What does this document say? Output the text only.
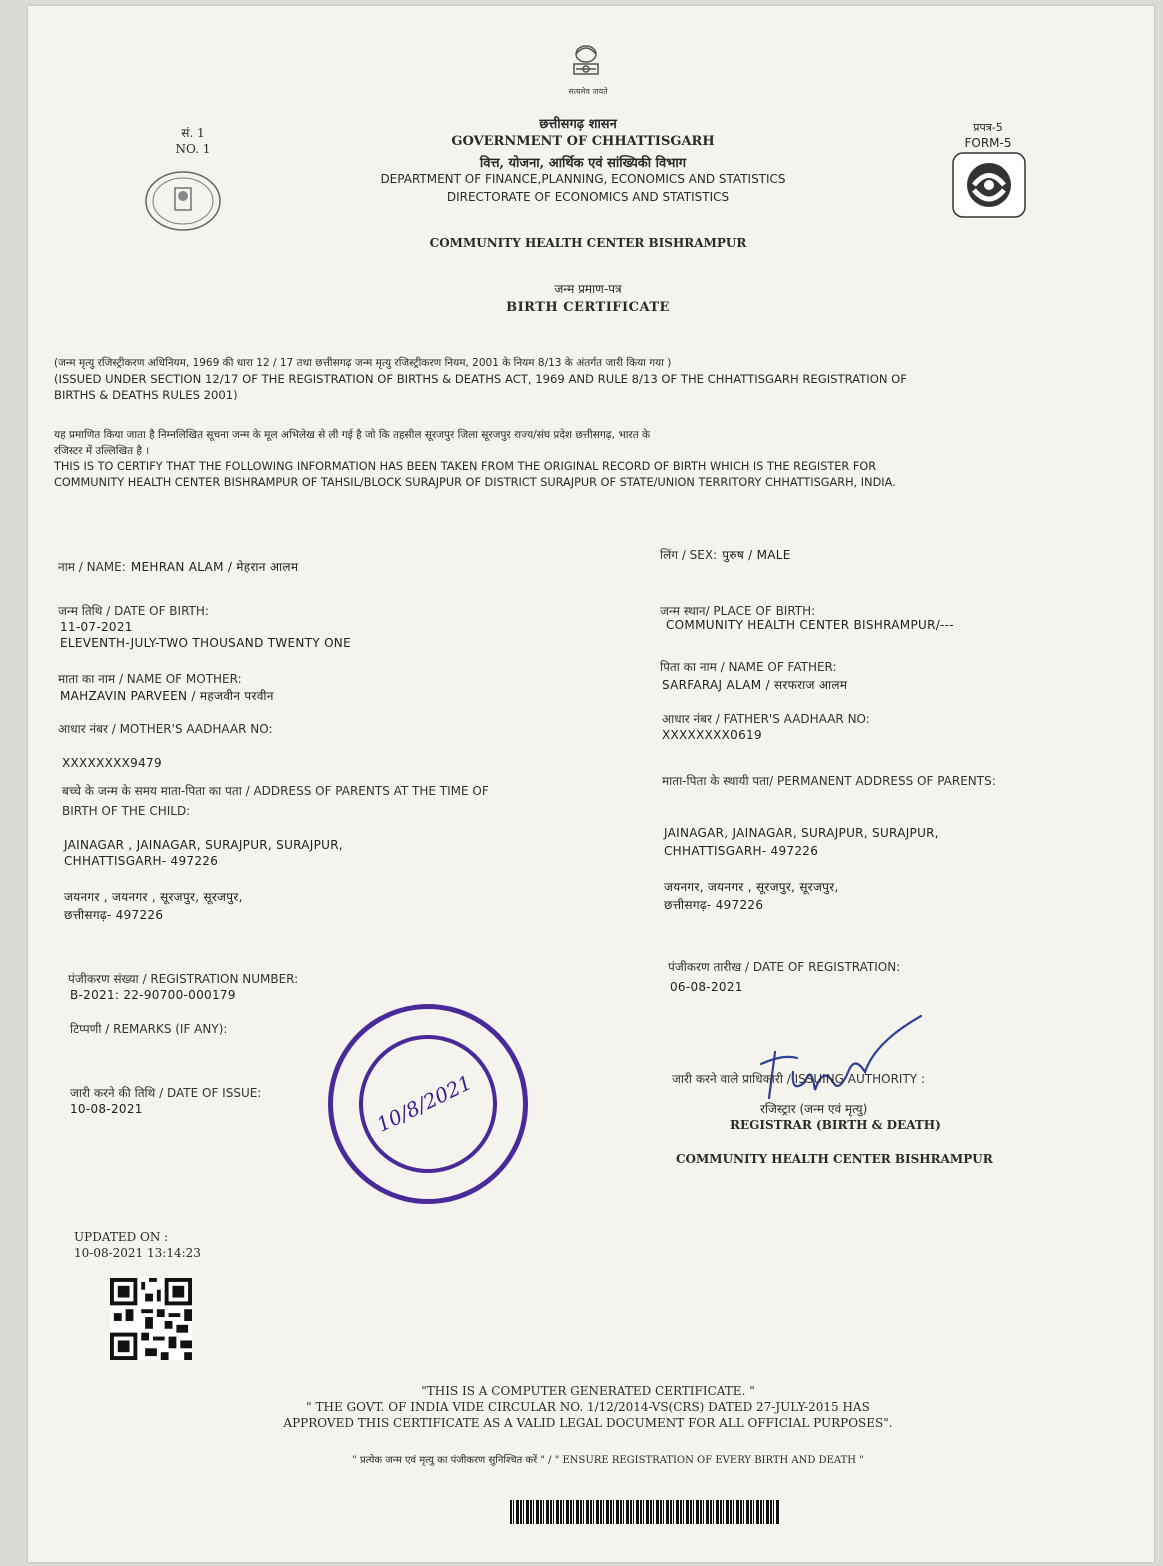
सत्यमेव जयते
सं. 1
NO. 1
प्रपत्र-5
FORM-5
छत्तीसगढ़ शासन
GOVERNMENT OF CHHATTISGARH
वित्त, योजना, आर्थिक एवं सांख्यिकी विभाग
DEPARTMENT OF FINANCE,PLANNING, ECONOMICS AND STATISTICS
DIRECTORATE OF ECONOMICS AND STATISTICS
COMMUNITY HEALTH CENTER BISHRAMPUR
जन्म प्रमाण-पत्र
BIRTH CERTIFICATE
(जन्म मृत्यु रजिस्ट्रीकरण अधिनियम, 1969 की धारा 12 / 17 तथा छत्तीसगढ़ जन्म मृत्यु रजिस्ट्रीकरण नियम, 2001 के नियम 8/13 के अंतर्गत जारी किया गया )
(ISSUED UNDER SECTION 12/17 OF THE REGISTRATION OF BIRTHS & DEATHS ACT, 1969 AND RULE 8/13 OF THE CHHATTISGARH REGISTRATION OF
BIRTHS & DEATHS RULES 2001)
यह प्रमाणित किया जाता है निम्नलिखित सूचना जन्म के मूल अभिलेख से ली गई है जो कि तहसील सूरजपुर जिला सूरजपुर राज्य/संघ प्रदेश छत्तीसगढ़, भारत के
रजिस्टर में उल्लिखित है ।
THIS IS TO CERTIFY THAT THE FOLLOWING INFORMATION HAS BEEN TAKEN FROM THE ORIGINAL RECORD OF BIRTH WHICH IS THE REGISTER FOR
COMMUNITY HEALTH CENTER BISHRAMPUR OF TAHSIL/BLOCK SURAJPUR OF DISTRICT SURAJPUR OF STATE/UNION TERRITORY CHHATTISGARH, INDIA.
नाम / NAME: MEHRAN ALAM / मेहरान आलम
जन्म तिथि / DATE OF BIRTH:
11-07-2021
ELEVENTH-JULY-TWO THOUSAND TWENTY ONE
माता का नाम / NAME OF MOTHER:
MAHZAVIN PARVEEN / महजवीन परवीन
आधार नंबर / MOTHER'S AADHAAR NO:
XXXXXXXX9479
बच्चे के जन्म के समय माता-पिता का पता / ADDRESS OF PARENTS AT THE TIME OF
BIRTH OF THE CHILD:
JAINAGAR , JAINAGAR, SURAJPUR, SURAJPUR,
CHHATTISGARH- 497226
जयनगर , जयनगर , सूरजपुर, सूरजपुर,
छत्तीसगढ़- 497226
पंजीकरण संख्या / REGISTRATION NUMBER:
B-2021: 22-90700-000179
टिप्पणी / REMARKS (IF ANY):
जारी करने की तिथि / DATE OF ISSUE:
10-08-2021
UPDATED ON :
10-08-2021 13:14:23
लिंग / SEX: पुरुष / MALE
जन्म स्थान/ PLACE OF BIRTH:
COMMUNITY HEALTH CENTER BISHRAMPUR/---
पिता का नाम / NAME OF FATHER:
SARFARAJ ALAM / सरफराज आलम
आधार नंबर / FATHER'S AADHAAR NO:
XXXXXXXX0619
माता-पिता के स्थायी पता/ PERMANENT ADDRESS OF PARENTS:
JAINAGAR, JAINAGAR, SURAJPUR, SURAJPUR,
CHHATTISGARH- 497226
जयनगर, जयनगर , सूरजपुर, सूरजपुर,
छत्तीसगढ़- 497226
पंजीकरण तारीख / DATE OF REGISTRATION:
06-08-2021
जारी करने वाले प्राधिकारी / ISSUING AUTHORITY :
रजिस्ट्रार (जन्म एवं मृत्यु)
REGISTRAR (BIRTH & DEATH)
COMMUNITY HEALTH CENTER BISHRAMPUR
10/8/2021
"THIS IS A COMPUTER GENERATED CERTIFICATE. "
" THE GOVT. OF INDIA VIDE CIRCULAR NO. 1/12/2014-VS(CRS) DATED 27-JULY-2015 HAS
APPROVED THIS CERTIFICATE AS A VALID LEGAL DOCUMENT FOR ALL OFFICIAL PURPOSES".
" प्रत्येक जन्म एवं मृत्यु का पंजीकरण सुनिश्चित करें " / " ENSURE REGISTRATION OF EVERY BIRTH AND DEATH "
